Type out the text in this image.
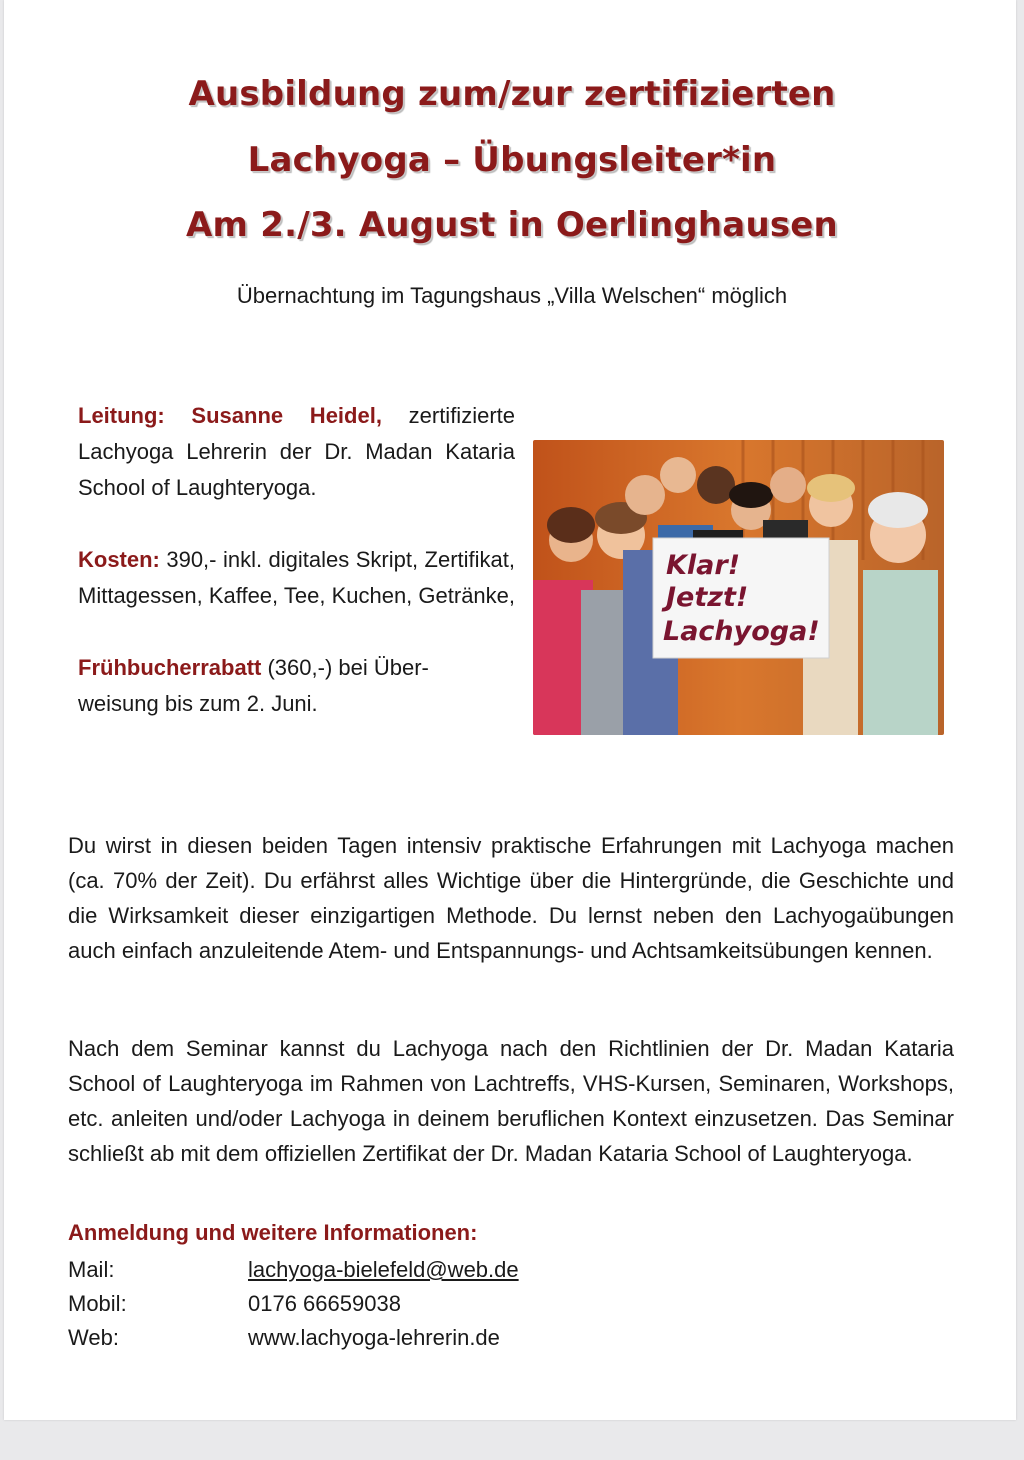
Ausbildung zum/zur zertifizierten
Lachyoga – Übungsleiter*in
Am 2./3. August in Oerlinghausen
Übernachtung im Tagungshaus „Villa Welschen“ möglich

Leitung: Susanne Heidel, zertifizierte Lachyoga Lehrerin der Dr. Madan Kataria School of Laughteryoga.

Kosten: 390,- inkl. digitales Skript, Zertifikat, Mittagessen, Kaffee, Tee, Kuchen, Getränke,

Frühbucherrabatt (360,-) bei Über-
weisung bis zum 2. Juni.

Klar!
Jetzt!
Lachyoga!

Du wirst in diesen beiden Tagen intensiv praktische Erfahrungen mit Lachyoga machen (ca. 70% der Zeit). Du erfährst alles Wichtige über die Hintergründe, die Geschichte und die Wirksamkeit dieser einzigartigen Methode. Du lernst neben den Lachyogaübungen auch einfach anzuleitende Atem- und Entspannungs- und Achtsamkeitsübungen kennen.

Nach dem Seminar kannst du Lachyoga nach den Richtlinien der Dr. Madan Kataria School of Laughteryoga im Rahmen von Lachtreffs, VHS-Kursen, Seminaren, Workshops, etc. anleiten und/oder Lachyoga in deinem beruflichen Kontext einzusetzen. Das Seminar schließt ab mit dem offiziellen Zertifikat der Dr. Madan Kataria School of Laughteryoga.

Anmeldung und weitere Informationen:
Mail:	lachyoga-bielefeld@web.de
Mobil:	0176 66659038
Web:	www.lachyoga-lehrerin.de
